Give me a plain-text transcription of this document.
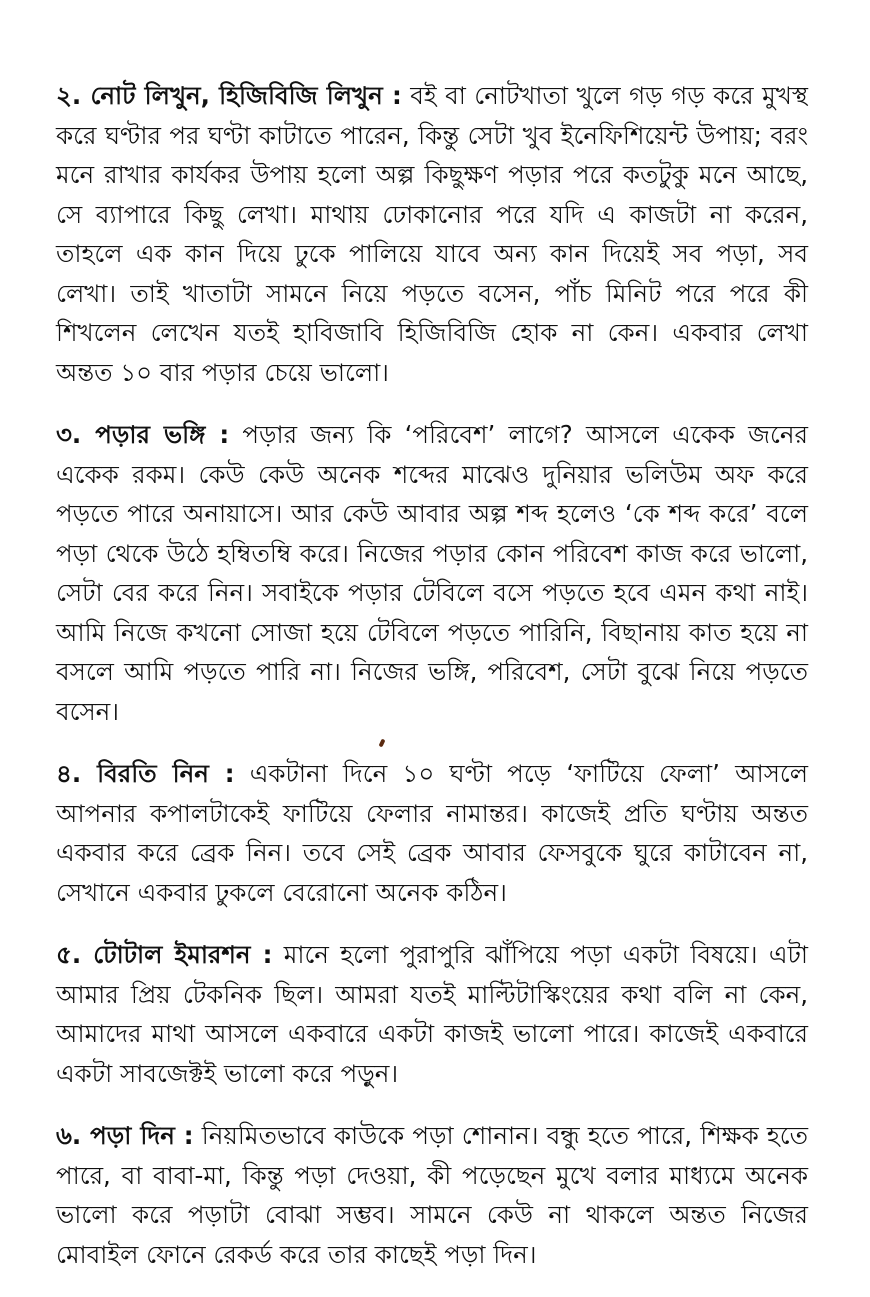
২. নোট লিখুন, হিজিবিজি লিখুন : বই বা নোটখাতা খুলে গড় গড় করে মুখস্থ করে ঘণ্টার পর ঘণ্টা কাটাতে পারেন, কিন্তু সেটা খুব ইনেফিশিয়েন্ট উপায়; বরং মনে রাখার কার্যকর উপায় হলো অল্প কিছুক্ষণ পড়ার পরে কতটুকু মনে আছে, সে ব্যাপারে কিছু লেখা। মাথায় ঢোকানোর পরে যদি এ কাজটা না করেন, তাহলে এক কান দিয়ে ঢুকে পালিয়ে যাবে অন্য কান দিয়েই সব পড়া, সব লেখা। তাই খাতাটা সামনে নিয়ে পড়তে বসেন, পাঁচ মিনিট পরে পরে কী শিখলেন লেখেন যতই হাবিজাবি হিজিবিজি হোক না কেন। একবার লেখা অন্তত ১০ বার পড়ার চেয়ে ভালো।

৩. পড়ার ভঙ্গি : পড়ার জন্য কি ‘পরিবেশ’ লাগে? আসলে একেক জনের একেক রকম। কেউ কেউ অনেক শব্দের মাঝেও দুনিয়ার ভলিউম অফ করে পড়তে পারে অনায়াসে। আর কেউ আবার অল্প শব্দ হলেও ‘কে শব্দ করে’ বলে পড়া থেকে উঠে হম্বিতম্বি করে। নিজের পড়ার কোন পরিবেশ কাজ করে ভালো, সেটা বের করে নিন। সবাইকে পড়ার টেবিলে বসে পড়তে হবে এমন কথা নাই। আমি নিজে কখনো সোজা হয়ে টেবিলে পড়তে পারিনি, বিছানায় কাত হয়ে না বসলে আমি পড়তে পারি না। নিজের ভঙ্গি, পরিবেশ, সেটা বুঝে নিয়ে পড়তে বসেন।

৪. বিরতি নিন : একটানা দিনে ১০ ঘণ্টা পড়ে ‘ফাটিয়ে ফেলা’ আসলে আপনার কপালটাকেই ফাটিয়ে ফেলার নামান্তর। কাজেই প্রতি ঘণ্টায় অন্তত একবার করে ব্রেক নিন। তবে সেই ব্রেক আবার ফেসবুকে ঘুরে কাটাবেন না, সেখানে একবার ঢুকলে বেরোনো অনেক কঠিন।

৫. টোটাল ইমারশন : মানে হলো পুরাপুরি ঝাঁপিয়ে পড়া একটা বিষয়ে। এটা আমার প্রিয় টেকনিক ছিল। আমরা যতই মাল্টিটাস্কিংয়ের কথা বলি না কেন, আমাদের মাথা আসলে একবারে একটা কাজই ভালো পারে। কাজেই একবারে একটা সাবজেক্টই ভালো করে পড়ুন।

৬. পড়া দিন : নিয়মিতভাবে কাউকে পড়া শোনান। বন্ধু হতে পারে, শিক্ষক হতে পারে, বা বাবা-মা, কিন্তু পড়া দেওয়া, কী পড়েছেন মুখে বলার মাধ্যমে অনেক ভালো করে পড়াটা বোঝা সম্ভব। সামনে কেউ না থাকলে অন্তত নিজের মোবাইল ফোনে রেকর্ড করে তার কাছেই পড়া দিন।
